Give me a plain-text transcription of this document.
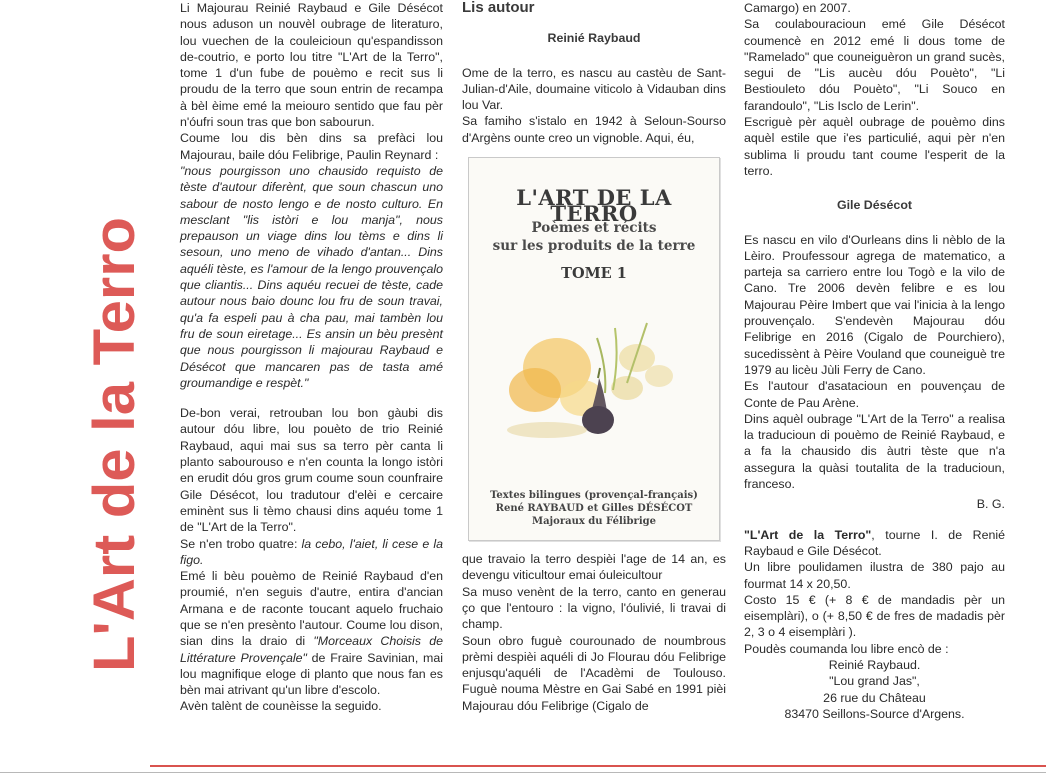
L'Art de la Terro

Li Majourau Reinié Raybaud e Gile Désécot nous aduson un nouvèl oubrage de literaturo, lou vuechen de la couleicioun qu'espandisson de-coutrio, e porto lou titre "L'Art de la Terro", tome 1 d'un fube de pouèmo e recit sus li proudu de la terro que soun entrin de recampa à bèl èime emé la meiouro sentido que fau pèr n'óufri soun tras que bon sabourun.

Coume lou dis bèn dins sa prefàci lou Majourau, baile dóu Felibrige, Paulin Reynard :

"nous pourgisson uno chausido requisto de tèste d'autour diferènt, que soun chascun uno sabour de nosto lengo e de nosto culturo. En mesclant "lis istòri e lou manja", nous prepauson un viage dins lou tèms e dins li sesoun, uno meno de vihado d'antan... Dins aquéli tèste, es l'amour de la lengo prouvençalo que cliantis... Dins aquéu recuei de tèste, cade autour nous baio dounc lou fru de soun travai, qu'a fa espeli pau à cha pau, mai tambèn lou fru de soun eiretage... Es ansin un bèu presènt que nous pourgisson li majourau Raybaud e Désécot que mancaren pas de tasta amé groumandige e respèt."

De-bon verai, retrouban lou bon gàubi dis autour dóu libre, lou pouèto de trio Reinié Raybaud, aqui mai sus sa terro pèr canta li planto sabourouso e n'en counta la longo istòri en erudit dóu gros grum coume soun counfraire Gile Désécot, lou tradutour d'elèi e cercaire eminènt sus li tèmo chausi dins aquéu tome 1 de "L'Art de la Terro".

Se n'en trobo quatre: la cebo, l'aiet, li cese e la figo.

Emé li bèu pouèmo de Reinié Raybaud d'en proumié, n'en seguis d'autre, entira d'ancian Armana e de raconte toucant aquelo fruchaio que se n'en presènto l'autour. Coume lou dison, sian dins la draio di "Morceaux Choisis de Littérature Provençale" de Fraire Savinian, mai lou magnifique eloge di planto que nous fan es bèn mai atrivant qu'un libre d'escolo.

Avèn talènt de counèisse la seguido.

Lis autour
Reinié Raybaud

Ome de la terro, es nascu au castèu de Sant-Julian-d'Aile, doumaine viticolo à Vidauban dins lou Var.

Sa famiho s'istalo en 1942 à Seloun-Sourso d'Argèns ounte creo un vignoble. Aqui, éu,

L'ART DE LA TERRO
Poèmes et récits
sur les produits de la terre
TOME 1
Textes bilingues (provençal-français)
René RAYBAUD et Gilles DÉSÉCOT
Majoraux du Félibrige

que travaio la terro despièi l'age de 14 an, es devengu viticultour emai óuleicultour

Sa muso venènt de la terro, canto en generau ço que l'entouro : la vigno, l'óulivié, li travai di champ.

Soun obro fuguè courounado de noumbrous prèmi despièi aquéli di Jo Flourau dóu Felibrige enjusqu'aquéli de l'Acadèmi de Toulouso. Fuguè nouma Mèstre en Gai Sabé en 1991 pièi Majourau dóu Felibrige (Cigalo de

Camargo) en 2007.

Sa coulabouracioun emé Gile Désécot coumencè en 2012 emé li dous tome de "Ramelado" que couneiguèron un grand sucès, segui de "Lis aucèu dóu Pouèto", "Li Bestiouleto dóu Pouèto", "Li Souco en farandoulo", "Lis Isclo de Lerin".

Escriguè pèr aquèl oubrage de pouèmo dins aquèl estile que i'es particulié, aqui pèr n'en sublima li proudu tant coume l'esperit de la terro.

Gile Désécot

Es nascu en vilo d'Ourleans dins li nèblo de la Lèiro. Proufessour agrega de matematico, a parteja sa carriero entre lou Togò e la vilo de Cano. Tre 2006 devèn felibre e es lou Majourau Pèire Imbert que vai l'inicia à la lengo prouvençalo. S'endevèn Majourau dóu Felibrige en 2016 (Cigalo de Pourchiero), sucedissènt à Pèire Vouland que couneiguè tre 1979 au licèu Jùli Ferry de Cano.

Es l'autour d'asatacioun en pouvençau de Conte de Pau Arène.

Dins aquèl oubrage "L'Art de la Terro" a realisa la traducioun di pouèmo de Reinié Raybaud, e a fa la chausido dis àutri tèste que n'a assegura la quàsi toutalita de la traducioun, franceso.

B. G.

"L'Art de la Terro", tourne I. de Renié Raybaud e Gile Désécot.

Un libre poulidamen ilustra de 380 pajo au fourmat 14 x 20,50.

Costo 15 € (+ 8 € de mandadis pèr un eisemplàri), o (+ 8,50 € de fres de madadis pèr 2, 3 o 4 eisemplàri ).

Poudès coumanda lou libre encò de :

Reinié Raybaud.

"Lou grand Jas",

26 rue du Château

83470 Seillons-Source d'Argens.
